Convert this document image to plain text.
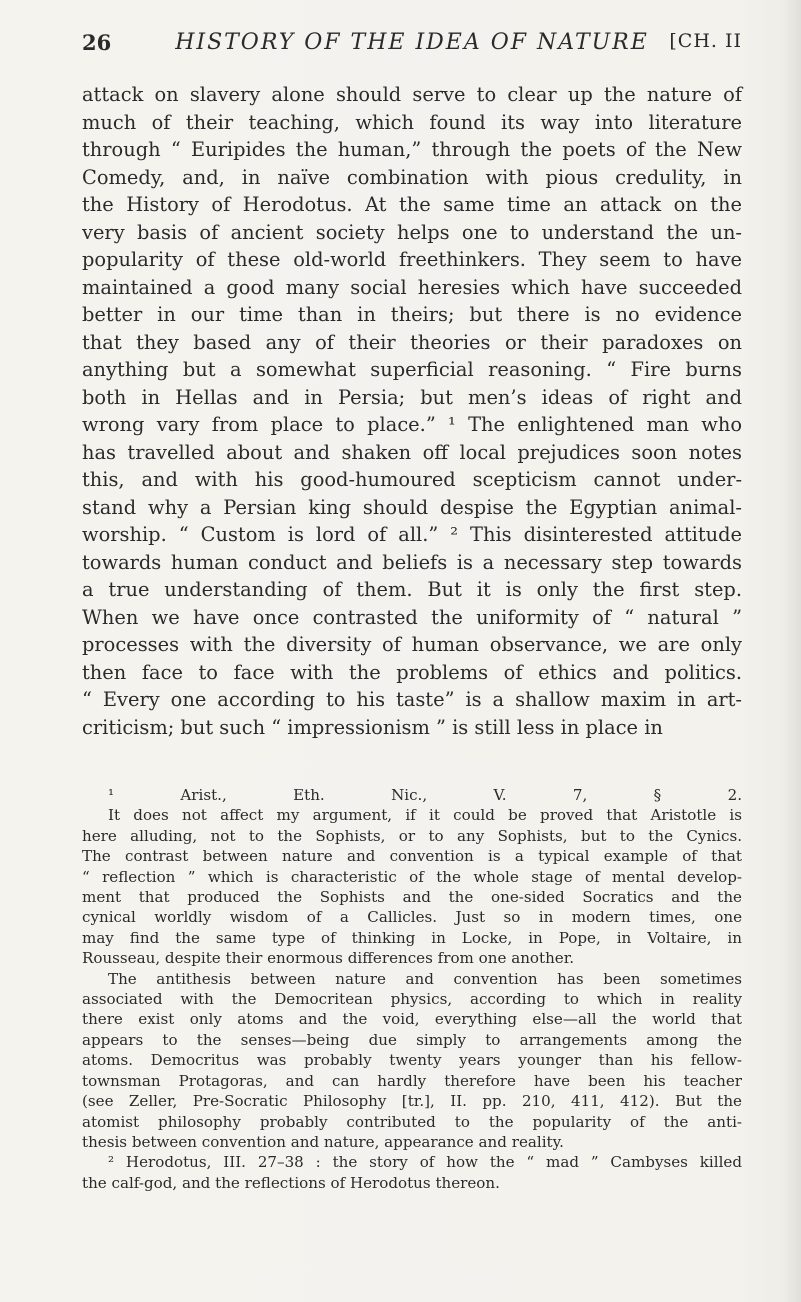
26	HISTORY OF THE IDEA OF NATURE	[CH. II
attack on slavery alone should serve to clear up the nature of
much of their teaching, which found its way into literature
through “ Euripides the human,” through the poets of the New
Comedy, and, in naïve combination with pious credulity, in
the History of Herodotus. At the same time an attack on the
very basis of ancient society helps one to understand the un-
popularity of these old-world freethinkers. They seem to have
maintained a good many social heresies which have succeeded
better in our time than in theirs; but there is no evidence
that they based any of their theories or their paradoxes on
anything but a somewhat superficial reasoning. “ Fire burns
both in Hellas and in Persia; but men’s ideas of right and
wrong vary from place to place.” ¹ The enlightened man who
has travelled about and shaken off local prejudices soon notes
this, and with his good-humoured scepticism cannot under-
stand why a Persian king should despise the Egyptian animal-
worship. “ Custom is lord of all.” ² This disinterested attitude
towards human conduct and beliefs is a necessary step towards
a true understanding of them. But it is only the first step.
When we have once contrasted the uniformity of “ natural ”
processes with the diversity of human observance, we are only
then face to face with the problems of ethics and politics.
“ Every one according to his taste” is a shallow maxim in art-
criticism; but such “ impressionism ” is still less in place in
¹ Arist., Eth. Nic., V. 7, § 2.
It does not affect my argument, if it could be proved that Aristotle is
here alluding, not to the Sophists, or to any Sophists, but to the Cynics.
The contrast between nature and convention is a typical example of that
“ reflection ” which is characteristic of the whole stage of mental develop-
ment that produced the Sophists and the one-sided Socratics and the
cynical worldly wisdom of a Callicles. Just so in modern times, one
may find the same type of thinking in Locke, in Pope, in Voltaire, in
Rousseau, despite their enormous differences from one another.
The antithesis between nature and convention has been sometimes
associated with the Democritean physics, according to which in reality
there exist only atoms and the void, everything else—all the world that
appears to the senses—being due simply to arrangements among the
atoms. Democritus was probably twenty years younger than his fellow-
townsman Protagoras, and can hardly therefore have been his teacher
(see Zeller, Pre-Socratic Philosophy [tr.], II. pp. 210, 411, 412). But the
atomist philosophy probably contributed to the popularity of the anti-
thesis between convention and nature, appearance and reality.
² Herodotus, III. 27–38 : the story of how the “ mad ” Cambyses killed
the calf-god, and the reflections of Herodotus thereon.
